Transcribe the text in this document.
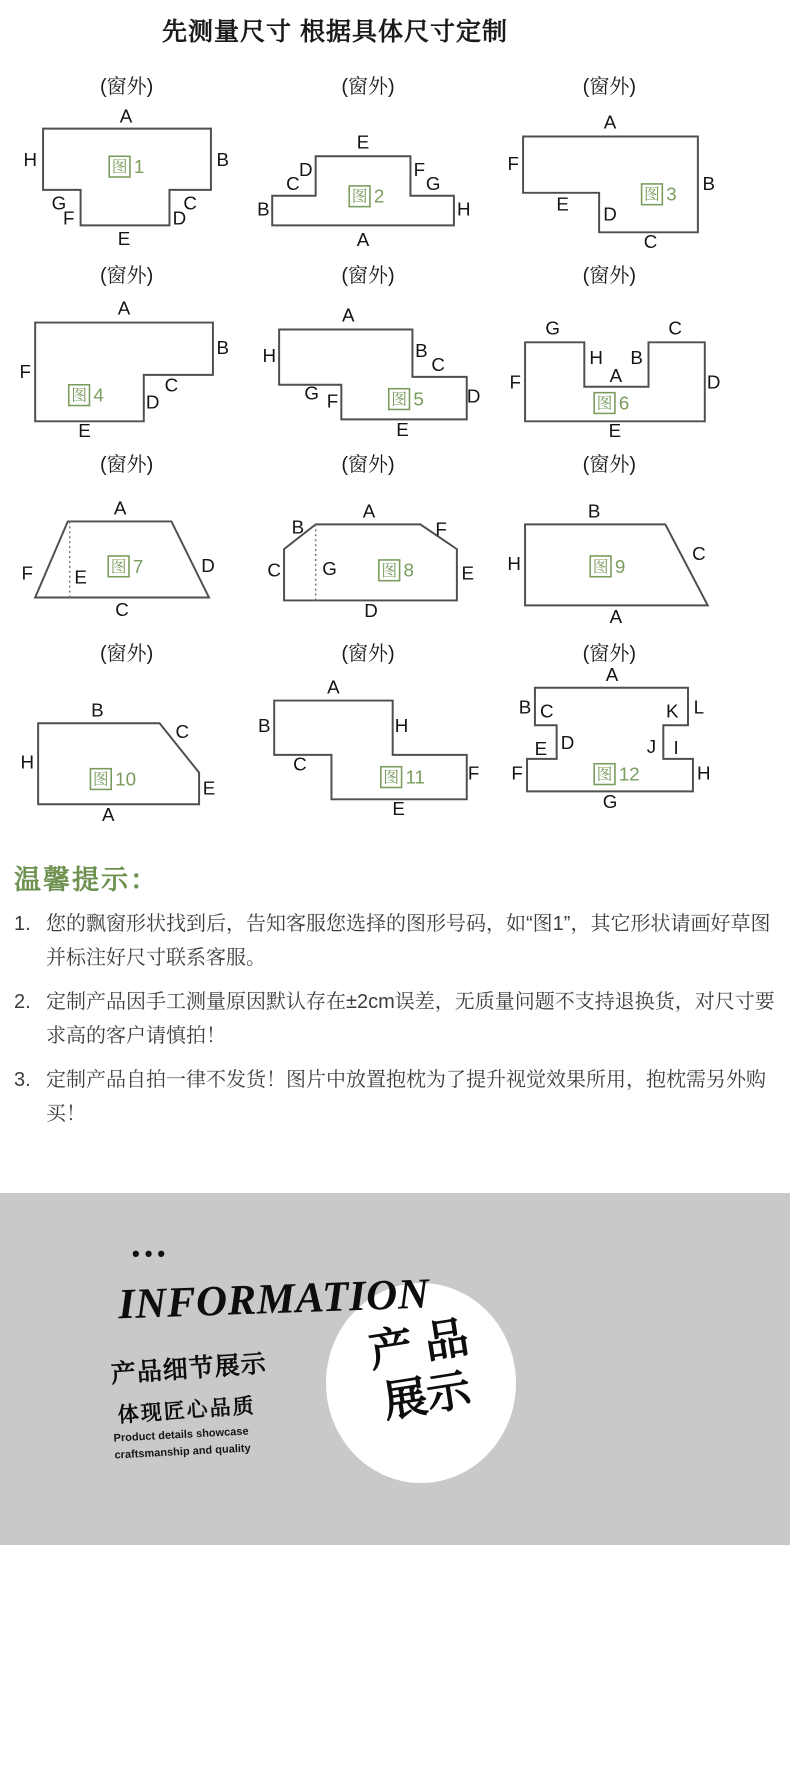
先测量尺寸 根据具体尺寸定制
(窗外)
A
H	B
G
F
E
D
C
图 1
(窗外)
E
D
C
B
A
F
G
H
图 2
(窗外)
A
B
C
D
E
F
图 3
(窗外)
A
B
C
D
E
F
图 4
(窗外)
A
H	B
C
D
E
F
G	图 5
(窗外)
G	C
H B
A
F	D
E
图 6
(窗外)
A
F E
D
C
图 7
(窗外)
B
A
F
C G	E
D
图 8
(窗外)
B
H	C
A
图 9
(窗外)
B
C
H
E
A
图 10
(窗外)
A
B
C
H
F
E
图 11
(窗外)
A
B C	K L
D
E	J I
F	H
G
图 12
温馨提示：
1. 您的飘窗形状找到后，告知客服您选择的图形号码，如“图1”，其它形状请画好草图并标注好尺寸联系客服。
2. 定制产品因手工测量原因默认存在±2cm误差，无质量问题不支持退换货，对尺寸要求高的客户请慎拍！
3. 定制产品自拍一律不发货！图片中放置抱枕为了提升视觉效果所用，抱枕需另外购买！
•••
INFORMATION
产品细节展示
体现匠心品质
Product details showcase
craftsmanship and quality
产 品
展示
